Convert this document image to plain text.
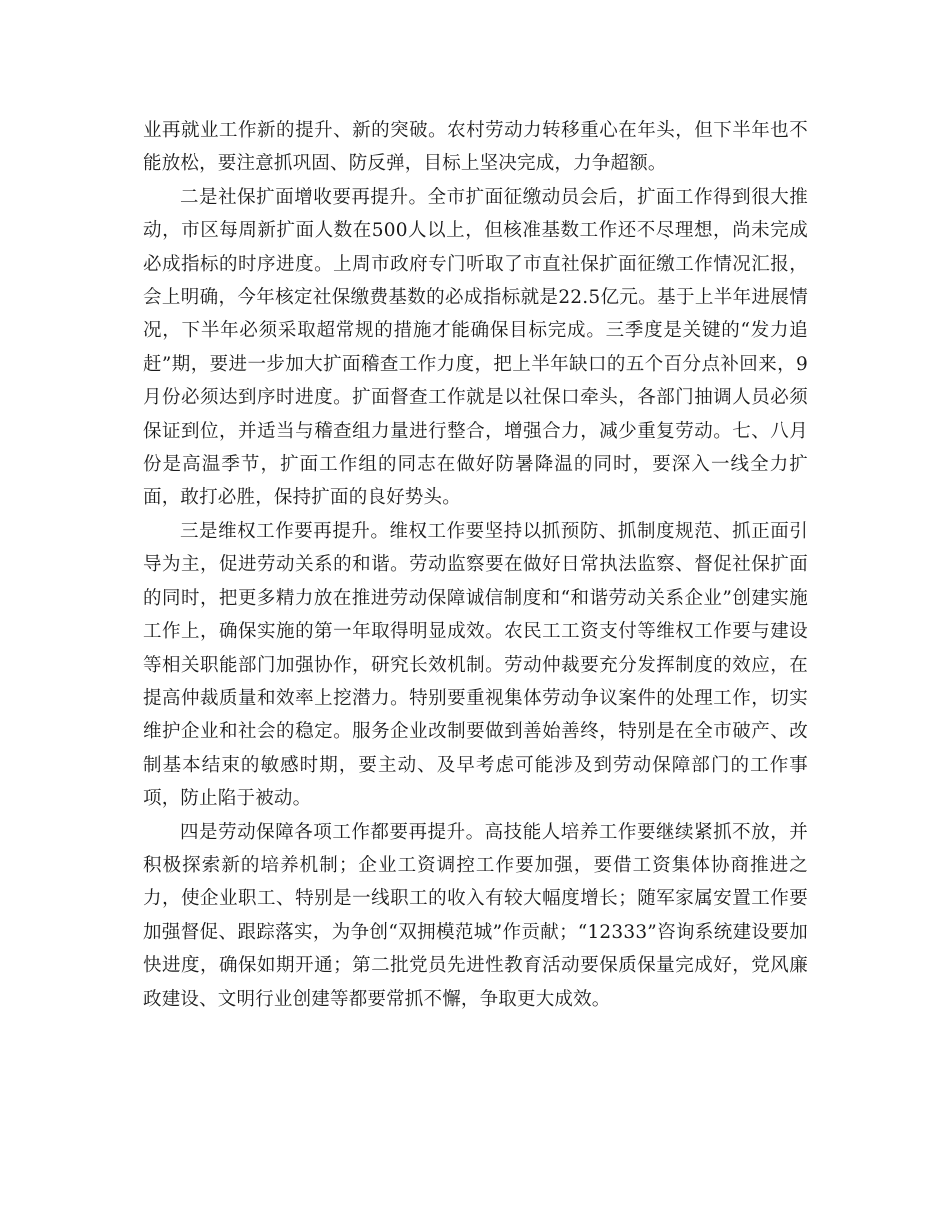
业再就业工作新的提升、新的突破。农村劳动力转移重心在年头，但下半年也不能放松，要注意抓巩固、防反弹，目标上坚决完成，力争超额。

二是社保扩面增收要再提升。全市扩面征缴动员会后，扩面工作得到很大推动，市区每周新扩面人数在500人以上，但核准基数工作还不尽理想，尚未完成必成指标的时序进度。上周市政府专门听取了市直社保扩面征缴工作情况汇报，会上明确，今年核定社保缴费基数的必成指标就是22.5亿元。基于上半年进展情况，下半年必须采取超常规的措施才能确保目标完成。三季度是关键的“发力追赶”期，要进一步加大扩面稽查工作力度，把上半年缺口的五个百分点补回来，9月份必须达到序时进度。扩面督查工作就是以社保口牵头，各部门抽调人员必须保证到位，并适当与稽查组力量进行整合，增强合力，减少重复劳动。七、八月份是高温季节，扩面工作组的同志在做好防暑降温的同时，要深入一线全力扩面，敢打必胜，保持扩面的良好势头。

三是维权工作要再提升。维权工作要坚持以抓预防、抓制度规范、抓正面引导为主，促进劳动关系的和谐。劳动监察要在做好日常执法监察、督促社保扩面的同时，把更多精力放在推进劳动保障诚信制度和“和谐劳动关系企业”创建实施工作上，确保实施的第一年取得明显成效。农民工工资支付等维权工作要与建设等相关职能部门加强协作，研究长效机制。劳动仲裁要充分发挥制度的效应，在提高仲裁质量和效率上挖潜力。特别要重视集体劳动争议案件的处理工作，切实维护企业和社会的稳定。服务企业改制要做到善始善终，特别是在全市破产、改制基本结束的敏感时期，要主动、及早考虑可能涉及到劳动保障部门的工作事项，防止陷于被动。

四是劳动保障各项工作都要再提升。高技能人培养工作要继续紧抓不放，并积极探索新的培养机制；企业工资调控工作要加强，要借工资集体协商推进之力，使企业职工、特别是一线职工的收入有较大幅度增长；随军家属安置工作要加强督促、跟踪落实，为争创“双拥模范城”作贡献；“12333”咨询系统建设要加快进度，确保如期开通；第二批党员先进性教育活动要保质保量完成好，党风廉政建设、文明行业创建等都要常抓不懈，争取更大成效。
